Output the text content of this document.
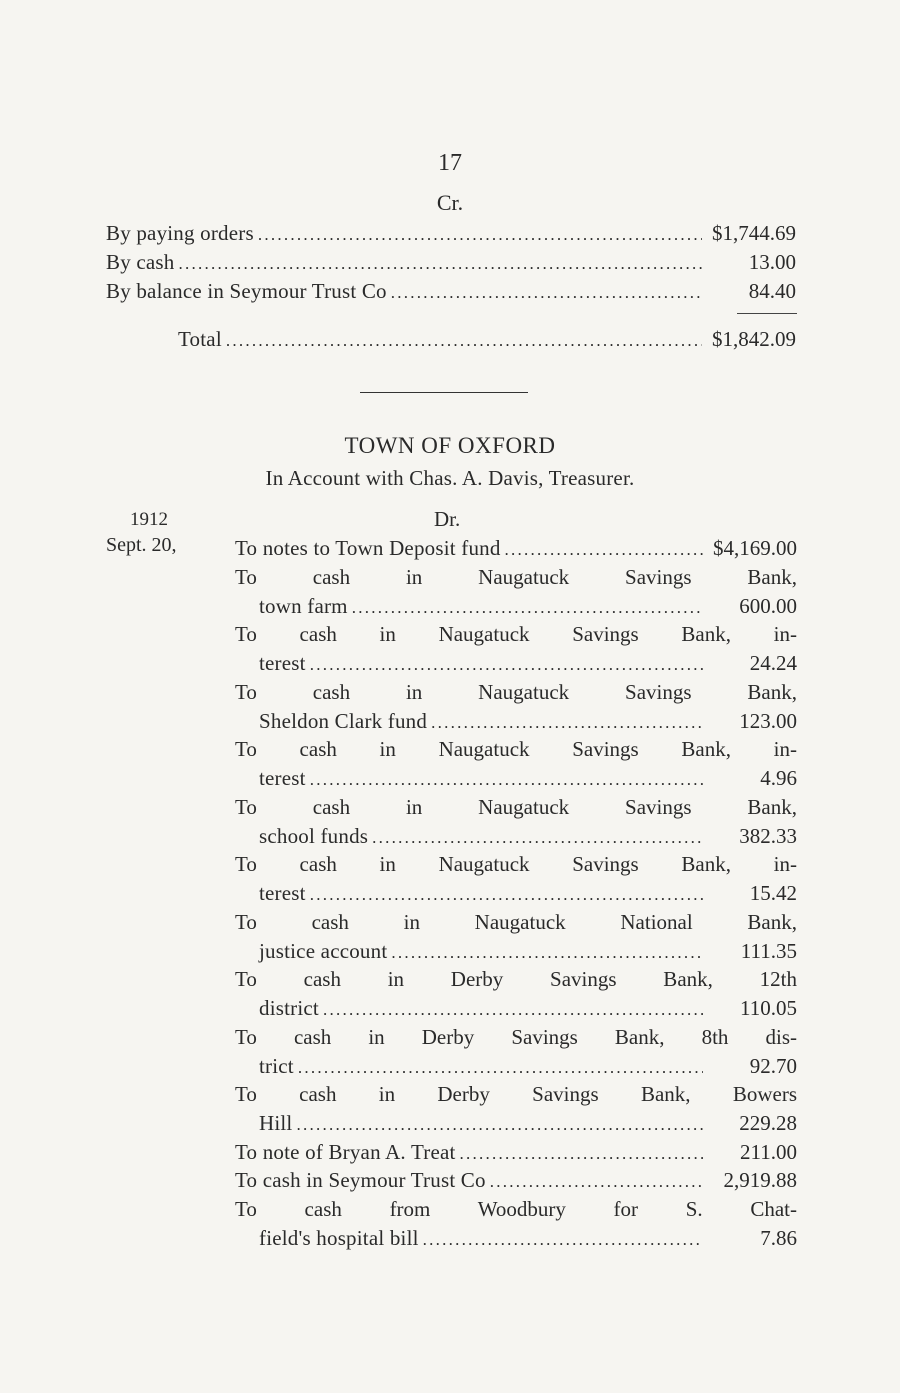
17
Cr.
By paying orders . . .	$1,744.69
By cash . . .	13.00
By balance in Seymour Trust Co . . .	84.40
Total . . .	$1,842.09
TOWN OF OXFORD
In Account with Chas. A. Davis, Treasurer.
1912	Dr.
Sept. 20,	To notes to Town Deposit fund . . .	$4,169.00
To cash in Naugatuck Savings Bank,
town farm . . .	600.00
To cash in Naugatuck Savings Bank, in-
terest . . .	24.24
To cash in Naugatuck Savings Bank,
Sheldon Clark fund . . .	123.00
To cash in Naugatuck Savings Bank, in-
terest . . .	4.96
To cash in Naugatuck Savings Bank,
school funds . . .	382.33
To cash in Naugatuck Savings Bank, in-
terest . . .	15.42
To cash in Naugatuck National Bank,
justice account . . .	111.35
To cash in Derby Savings Bank, 12th
district . . .	110.05
To cash in Derby Savings Bank, 8th dis-
trict . . .	92.70
To cash in Derby Savings Bank, Bowers
Hill . . .	229.28
To note of Bryan A. Treat . . .	211.00
To cash in Seymour Trust Co . . .	2,919.88
To cash from Woodbury for S. Chat-
field's hospital bill . . .	7.86
